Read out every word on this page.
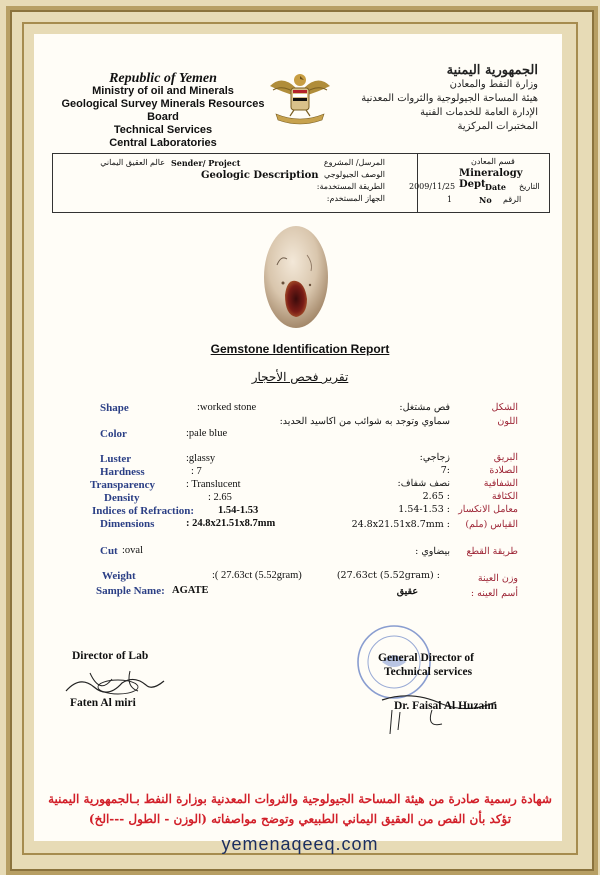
Republic of Yemen
Ministry of oil and Minerals
Geological Survey Minerals Resources Board
Technical Services
Central Laboratories
الجمهورية اليمنية
وزارة النفط والمعادن
هيئة المساحة الجيولوجية والثروات المعدنية
الإدارة العامة للخدمات الفنية
المختبرات المركزية
المرسل/ المشروع
Sender/ Project
عالم العقيق اليماني
الوصف الجيولوجي
Geologic Description
الطريقة المستخدمة:
الجهاز المستخدم:
قسم المعادن
Mineralogy Dept
2009/11/25	Date التاريخ
1	No الرقم
Gemstone Identification Report
تقرير فحص الأحجار
Shape	:worked stone	فص مشتغل:	الشكل
سماوي وتوجد به شوائب من اكاسيد الحديد:	اللون
Color	:pale blue
Luster	:glassy	زجاجي:	البريق
Hardness	: 7	7:	الصلادة
Transparency	: Translucent	نصف شفاف:	الشفافية
Density	: 2.65	2.65 :	الكثافة
Indices of Refraction: 1.54-1.53	1.54-1.53 : معامل الانكسار
Dimensions	: 24.8x21.51x8.7mm	24.8x21.51x8.7mm : القياس (ملم)
Cut :oval	بيضاوي : طريقة القطع
Weight	:( 27.63ct (5.52gram)	(27.63ct (5.52gram) :	وزن العينة
Sample Name: AGATE	عقيق	أسم العينه :
Director of Lab
Faten Al miri
General Director of
Technical services
Dr. Faisal Al Huzaim
شهادة رسمية صادرة من هيئة المساحة الجيولوجية والثروات المعدنية بوزارة النفط بـالجمهورية اليمنية
تؤكد بأن الفص من العقيق اليماني الطبيعي وتوضح مواصفاته (الوزن - الطول ---الخ)
yemenaqeeq.com
